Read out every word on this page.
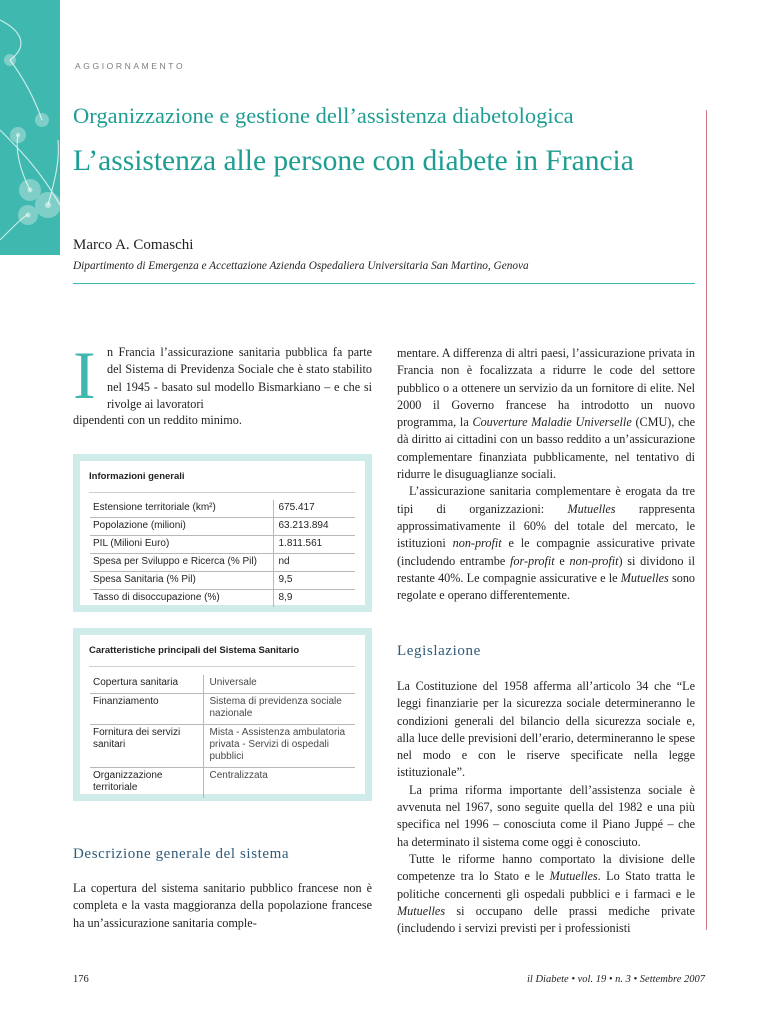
AGGIORNAMENTO
Organizzazione e gestione dell’assistenza diabetologica
L’assistenza alle persone con diabete in Francia
Marco A. Comaschi
Dipartimento di Emergenza e Accettazione Azienda Ospedaliera Universitaria San Martino, Genova
I n Francia l’assicurazione sanitaria pubblica fa parte del Sistema di Previdenza Sociale che è stato stabilito nel 1945 - basato sul modello Bismarkiano – e che si rivolge ai lavoratori

dipendenti con un reddito minimo.

Informazioni generali
Estensione territoriale (km²)	675.417
Popolazione (milioni)	63.213.894
PIL (Milioni Euro)	1.811.561
Spesa per Sviluppo e Ricerca (% Pil)	nd
Spesa Sanitaria (% Pil)	9,5
Tasso di disoccupazione (%)	8,9
Caratteristiche principali del Sistema Sanitario
Copertura sanitaria	Universale
Finanziamento	Sistema di previdenza sociale nazionale
Fornitura dei servizi sanitari	Mista - Assistenza ambulatoria privata - Servizi di ospedali pubblici
Organizzazione territoriale	Centralizzata
Descrizione generale del sistema

La copertura del sistema sanitario pubblico francese non è completa e la vasta maggioranza della popolazione francese ha un’assicurazione sanitaria comple-

mentare. A differenza di altri paesi, l’assicurazione privata in Francia non è focalizzata a ridurre le code del settore pubblico o a ottenere un servizio da un fornitore di elite. Nel 2000 il Governo francese ha introdotto un nuovo programma, la Couverture Maladie Universelle (CMU), che dà diritto ai cittadini con un basso reddito a un’assicurazione complementare finanziata pubblicamente, nel tentativo di ridurre le disuguaglianze sociali.

L’assicurazione sanitaria complementare è erogata da tre tipi di organizzazioni: Mutuelles rappresenta approssimativamente il 60% del totale del mercato, le istituzioni non-profit e le compagnie assicurative private (includendo entrambe for-profit e non-profit) si dividono il restante 40%. Le compagnie assicurative e le Mutuelles sono regolate e operano differentemente.

Legislazione

La Costituzione del 1958 afferma all’articolo 34 che “Le leggi finanziarie per la sicurezza sociale determineranno le condizioni generali del bilancio della sicurezza sociale e, alla luce delle previsioni dell’erario, determineranno le spese nel modo e con le riserve specificate nella legge istituzionale”.

La prima riforma importante dell’assistenza sociale è avvenuta nel 1967, sono seguite quella del 1982 e una più specifica nel 1996 – conosciuta come il Piano Juppé – che ha determinato il sistema come oggi è conosciuto.

Tutte le riforme hanno comportato la divisione delle competenze tra lo Stato e le Mutuelles. Lo Stato tratta le politiche concernenti gli ospedali pubblici e i farmaci e le Mutuelles si occupano delle prassi mediche private (includendo i servizi previsti per i professionisti

176	il Diabete • vol. 19 • n. 3 • Settembre 2007
